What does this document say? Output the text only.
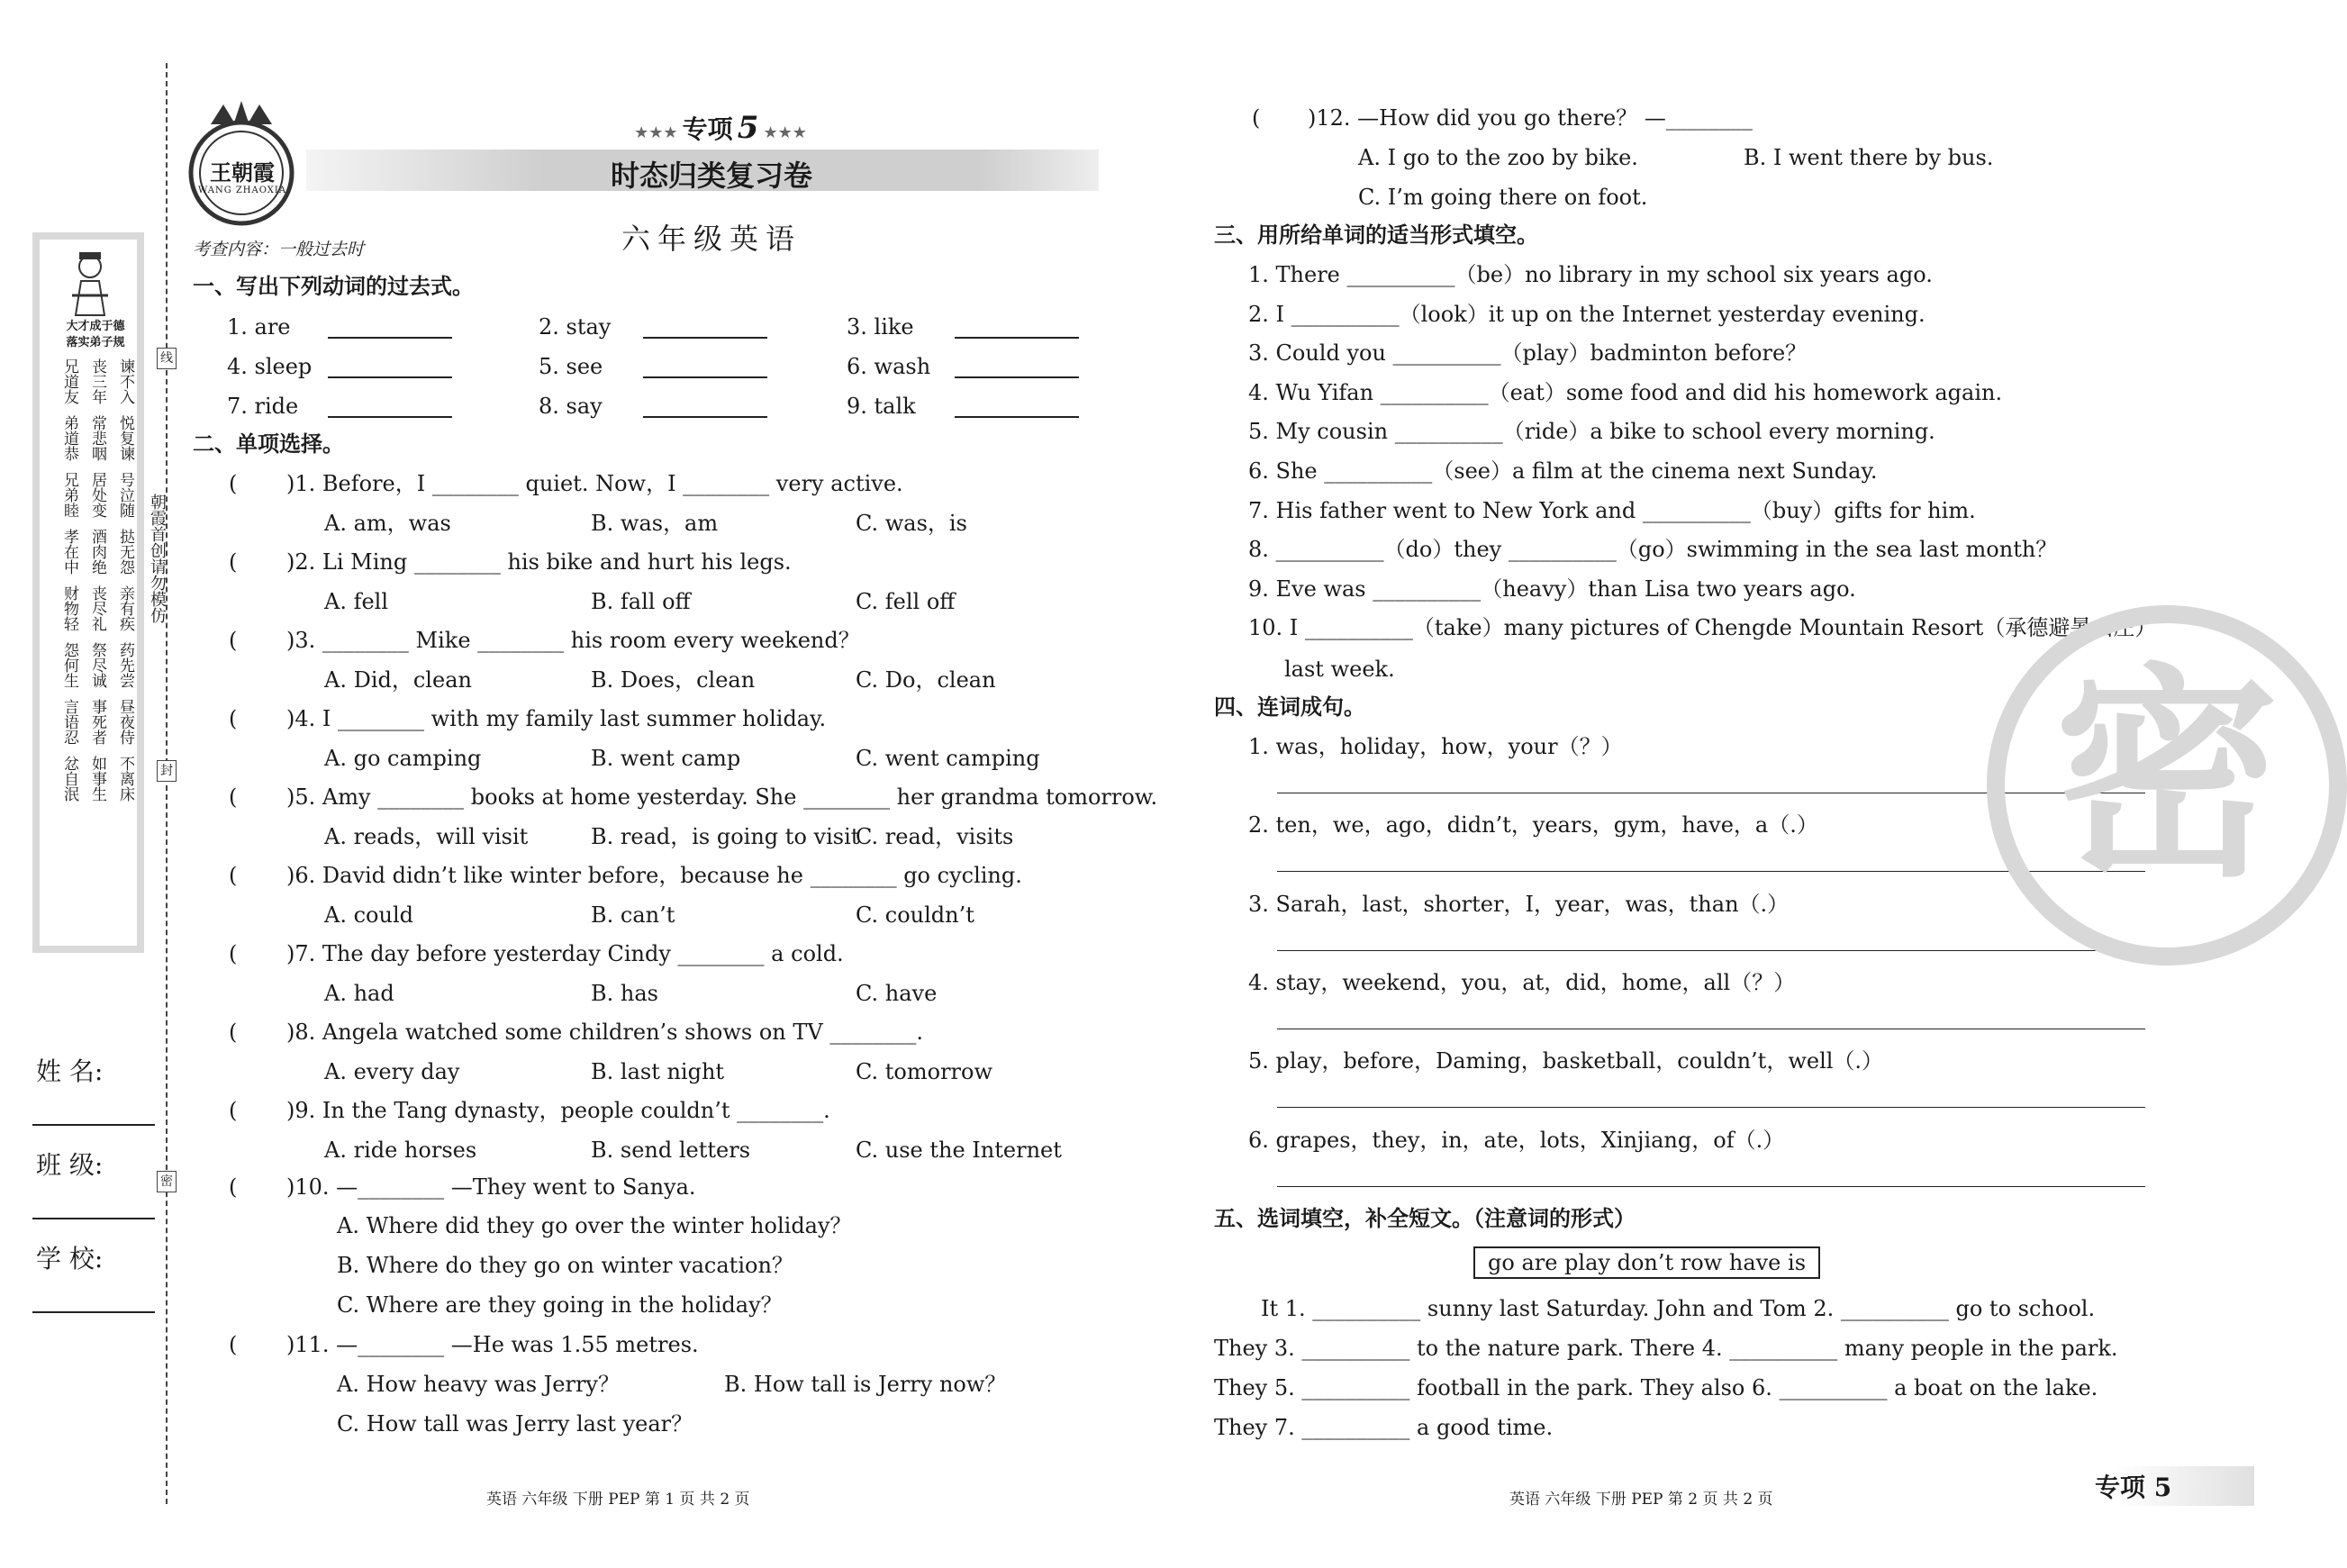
大才成于德
落实弟子规
兄道友 丧三年 谏不入
弟道恭 常悲咽 悦复谏
兄弟睦 居处变 号泣随
孝在中 酒肉绝 挞无怨
财物轻 丧尽礼 亲有疾
怨何生 祭尽诚 药先尝
言语忍 事死者 昼夜侍
忿自泯 如事生 不离床
姓 名:
班 级:
学 校:
线
封
密
朝霞首创请勿模仿
王朝霞
WANG ZHAOXIA
★★★ 专项 5 ★★★
时态归类复习卷
六年级英语
考查内容：一般过去时
一、写出下列动词的过去式。
1. are	2. stay	3. like
4. sleep	5. see	6. wash
7. ride	8. say	9. talk
二、单项选择。
( )1. Before，I ________ quiet. Now，I ________ very active.
A. am，was	B. was，am	C. was，is
( )2. Li Ming ________ his bike and hurt his legs.
A. fell	B. fall off	C. fell off
( )3. ________ Mike ________ his room every weekend？
A. Did，clean	B. Does，clean	C. Do，clean
( )4. I ________ with my family last summer holiday.
A. go camping	B. went camp	C. went camping
( )5. Amy ________ books at home yesterday. She ________ her grandma tomorrow.
A. reads，will visit	B. read，is going to visit
C. read，visits
( )6. David didn’t like winter before，because he ________ go cycling.
A. could	B. can’t	C. couldn’t
( )7. The day before yesterday Cindy ________ a cold.
A. had	B. has	C. have
( )8. Angela watched some children’s shows on TV ________.
A. every day	B. last night	C. tomorrow
( )9. In the Tang dynasty，people couldn’t ________.
A. ride horses	B. send letters	C. use the Internet
( )10. —________ —They went to Sanya.
A. Where did they go over the winter holiday？
B. Where do they go on winter vacation？
C. Where are they going in the holiday？
( )11. —________ —He was 1.55 metres.
A. How heavy was Jerry？	B. How tall is Jerry now？
C. How tall was Jerry last year？
( )12. —How did you go there？ —________
A. I go to the zoo by bike.	B. I went there by bus.
C. I’m going there on foot.
三、用所给单词的适当形式填空。
1. There __________（be）no library in my school six years ago.
2. I __________（look）it up on the Internet yesterday evening.
3. Could you __________（play）badminton before？
4. Wu Yifan __________（eat）some food and did his homework again.
5. My cousin __________（ride）a bike to school every morning.
6. She __________（see）a film at the cinema next Sunday.
7. His father went to New York and __________（buy）gifts for him.
8. __________（do）they __________（go）swimming in the sea last month？
9. Eve was __________（heavy）than Lisa two years ago.
10. I __________（take）many pictures of Chengde Mountain Resort（承德避暑山庄）
last week.
四、连词成句。
1. was，holiday，how，your（？）
2. ten，we，ago，didn’t，years，gym，have，a（.）
3. Sarah，last，shorter，I，year，was，than（.）
4. stay，weekend，you，at，did，home，all（？）
5. play，before，Daming，basketball，couldn’t，well（.）
6. grapes，they，in，ate，lots，Xinjiang，of（.）
五、选词填空，补全短文。（注意词的形式）
go are play don’t row have is
It 1. __________ sunny last Saturday. John and Tom 2. __________ go to school.
They 3. __________ to the nature park. There 4. __________ many people in the park.
They 5. __________ football in the park. They also 6. __________ a boat on the lake.
They 7. __________ a good time.
密
英语 六年级 下册 PEP 第 1 页 共 2 页	英语 六年级 下册 PEP 第 2 页 共 2 页	专项 5
